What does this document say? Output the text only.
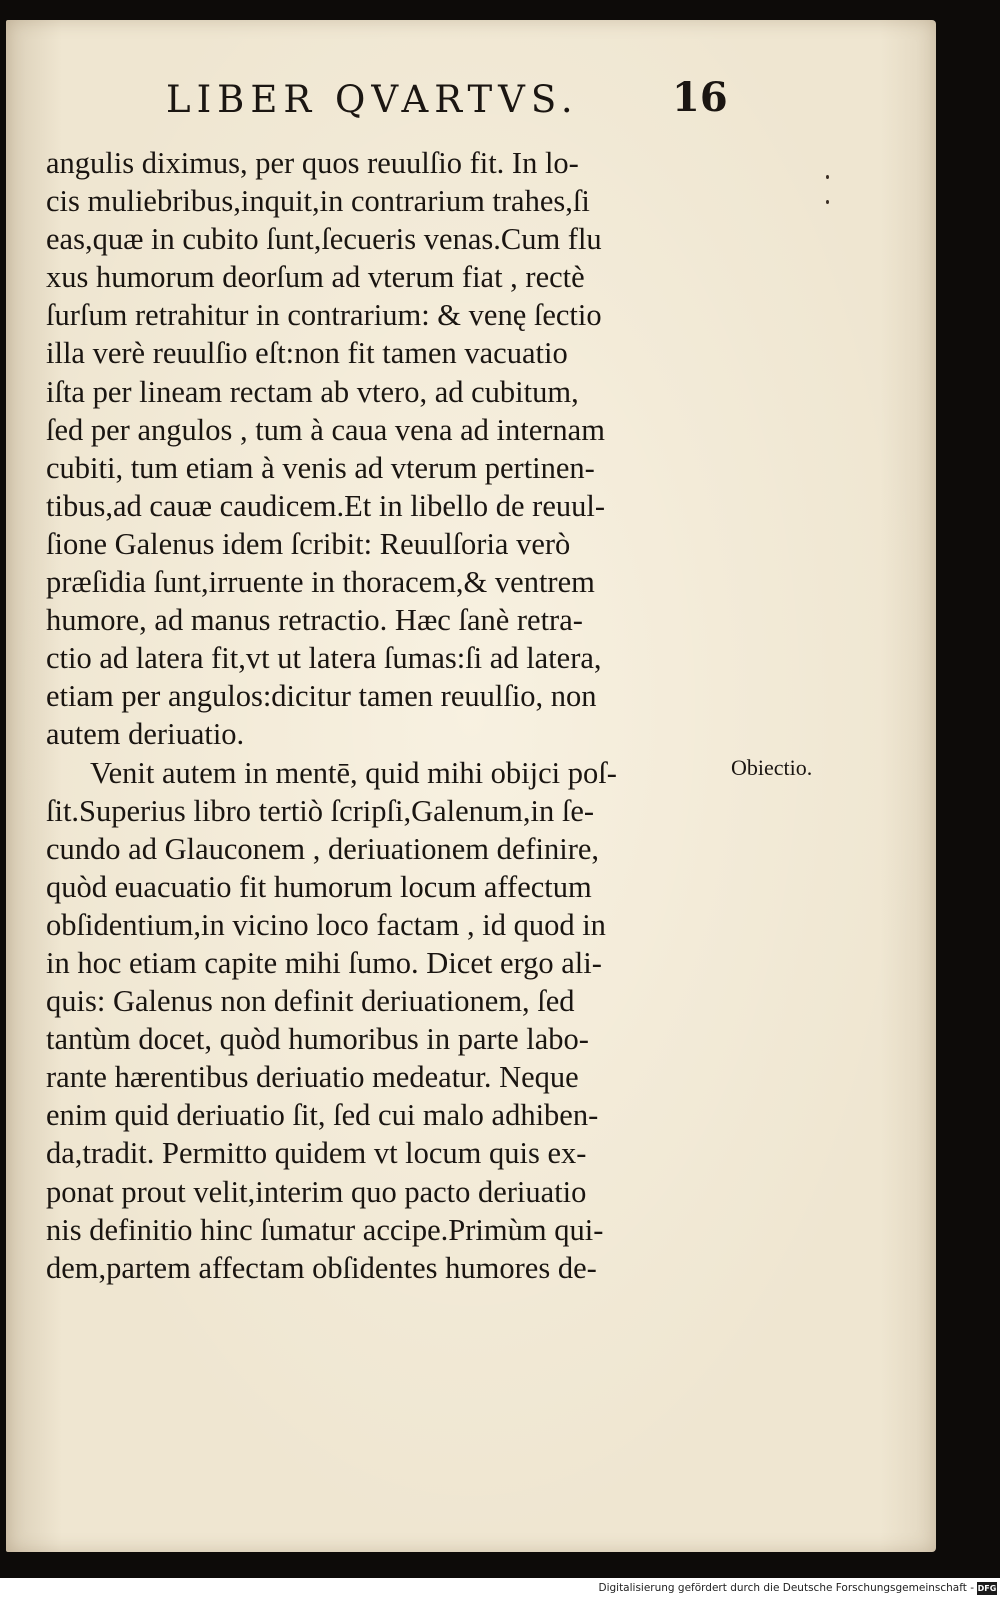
LIBER QVARTVS. 16
angulis diximus, per quos reuulſio fit. In lo-
cis muliebribus,inquit,in contrarium trahes,ſi
eas,quæ in cubito ſunt,ſecueris venas.Cum flu
xus humorum deorſum ad vterum fiat , rectè
ſurſum retrahitur in contrarium: & venę ſectio
illa verè reuulſio eſt:non fit tamen vacuatio
iſta per lineam rectam ab vtero, ad cubitum,
ſed per angulos , tum à caua vena ad internam
cubiti, tum etiam à venis ad vterum pertinen-
tibus,ad cauæ caudicem.Et in libello de reuul-
ſione Galenus idem ſcribit: Reuulſoria verò
præſidia ſunt,irruente in thoracem,& ventrem
humore, ad manus retractio. Hæc ſanè retra-
ctio ad latera fit,vt ut latera ſumas:ſi ad latera,
etiam per angulos:dicitur tamen reuulſio, non
autem deriuatio.
Venit autem in mentē, quid mihi obijci poſ-
ſit.Superius libro tertiò ſcripſi,Galenum,in ſe-
cundo ad Glauconem , deriuationem definire,
quòd euacuatio fit humorum locum affectum
obſidentium,in vicino loco factam , id quod in
in hoc etiam capite mihi ſumo. Dicet ergo ali-
quis: Galenus non definit deriuationem, ſed
tantùm docet, quòd humoribus in parte labo-
rante hærentibus deriuatio medeatur. Neque
enim quid deriuatio ſit, ſed cui malo adhiben-
da,tradit. Permitto quidem vt locum quis ex-
ponat prout velit,interim quo pacto deriuatio
nis definitio hinc ſumatur accipe.Primùm qui-
dem,partem affectam obſidentes humores de-
Obiectio.
Digitalisierung gefördert durch die Deutsche Forschungsgemeinschaft - DFG
